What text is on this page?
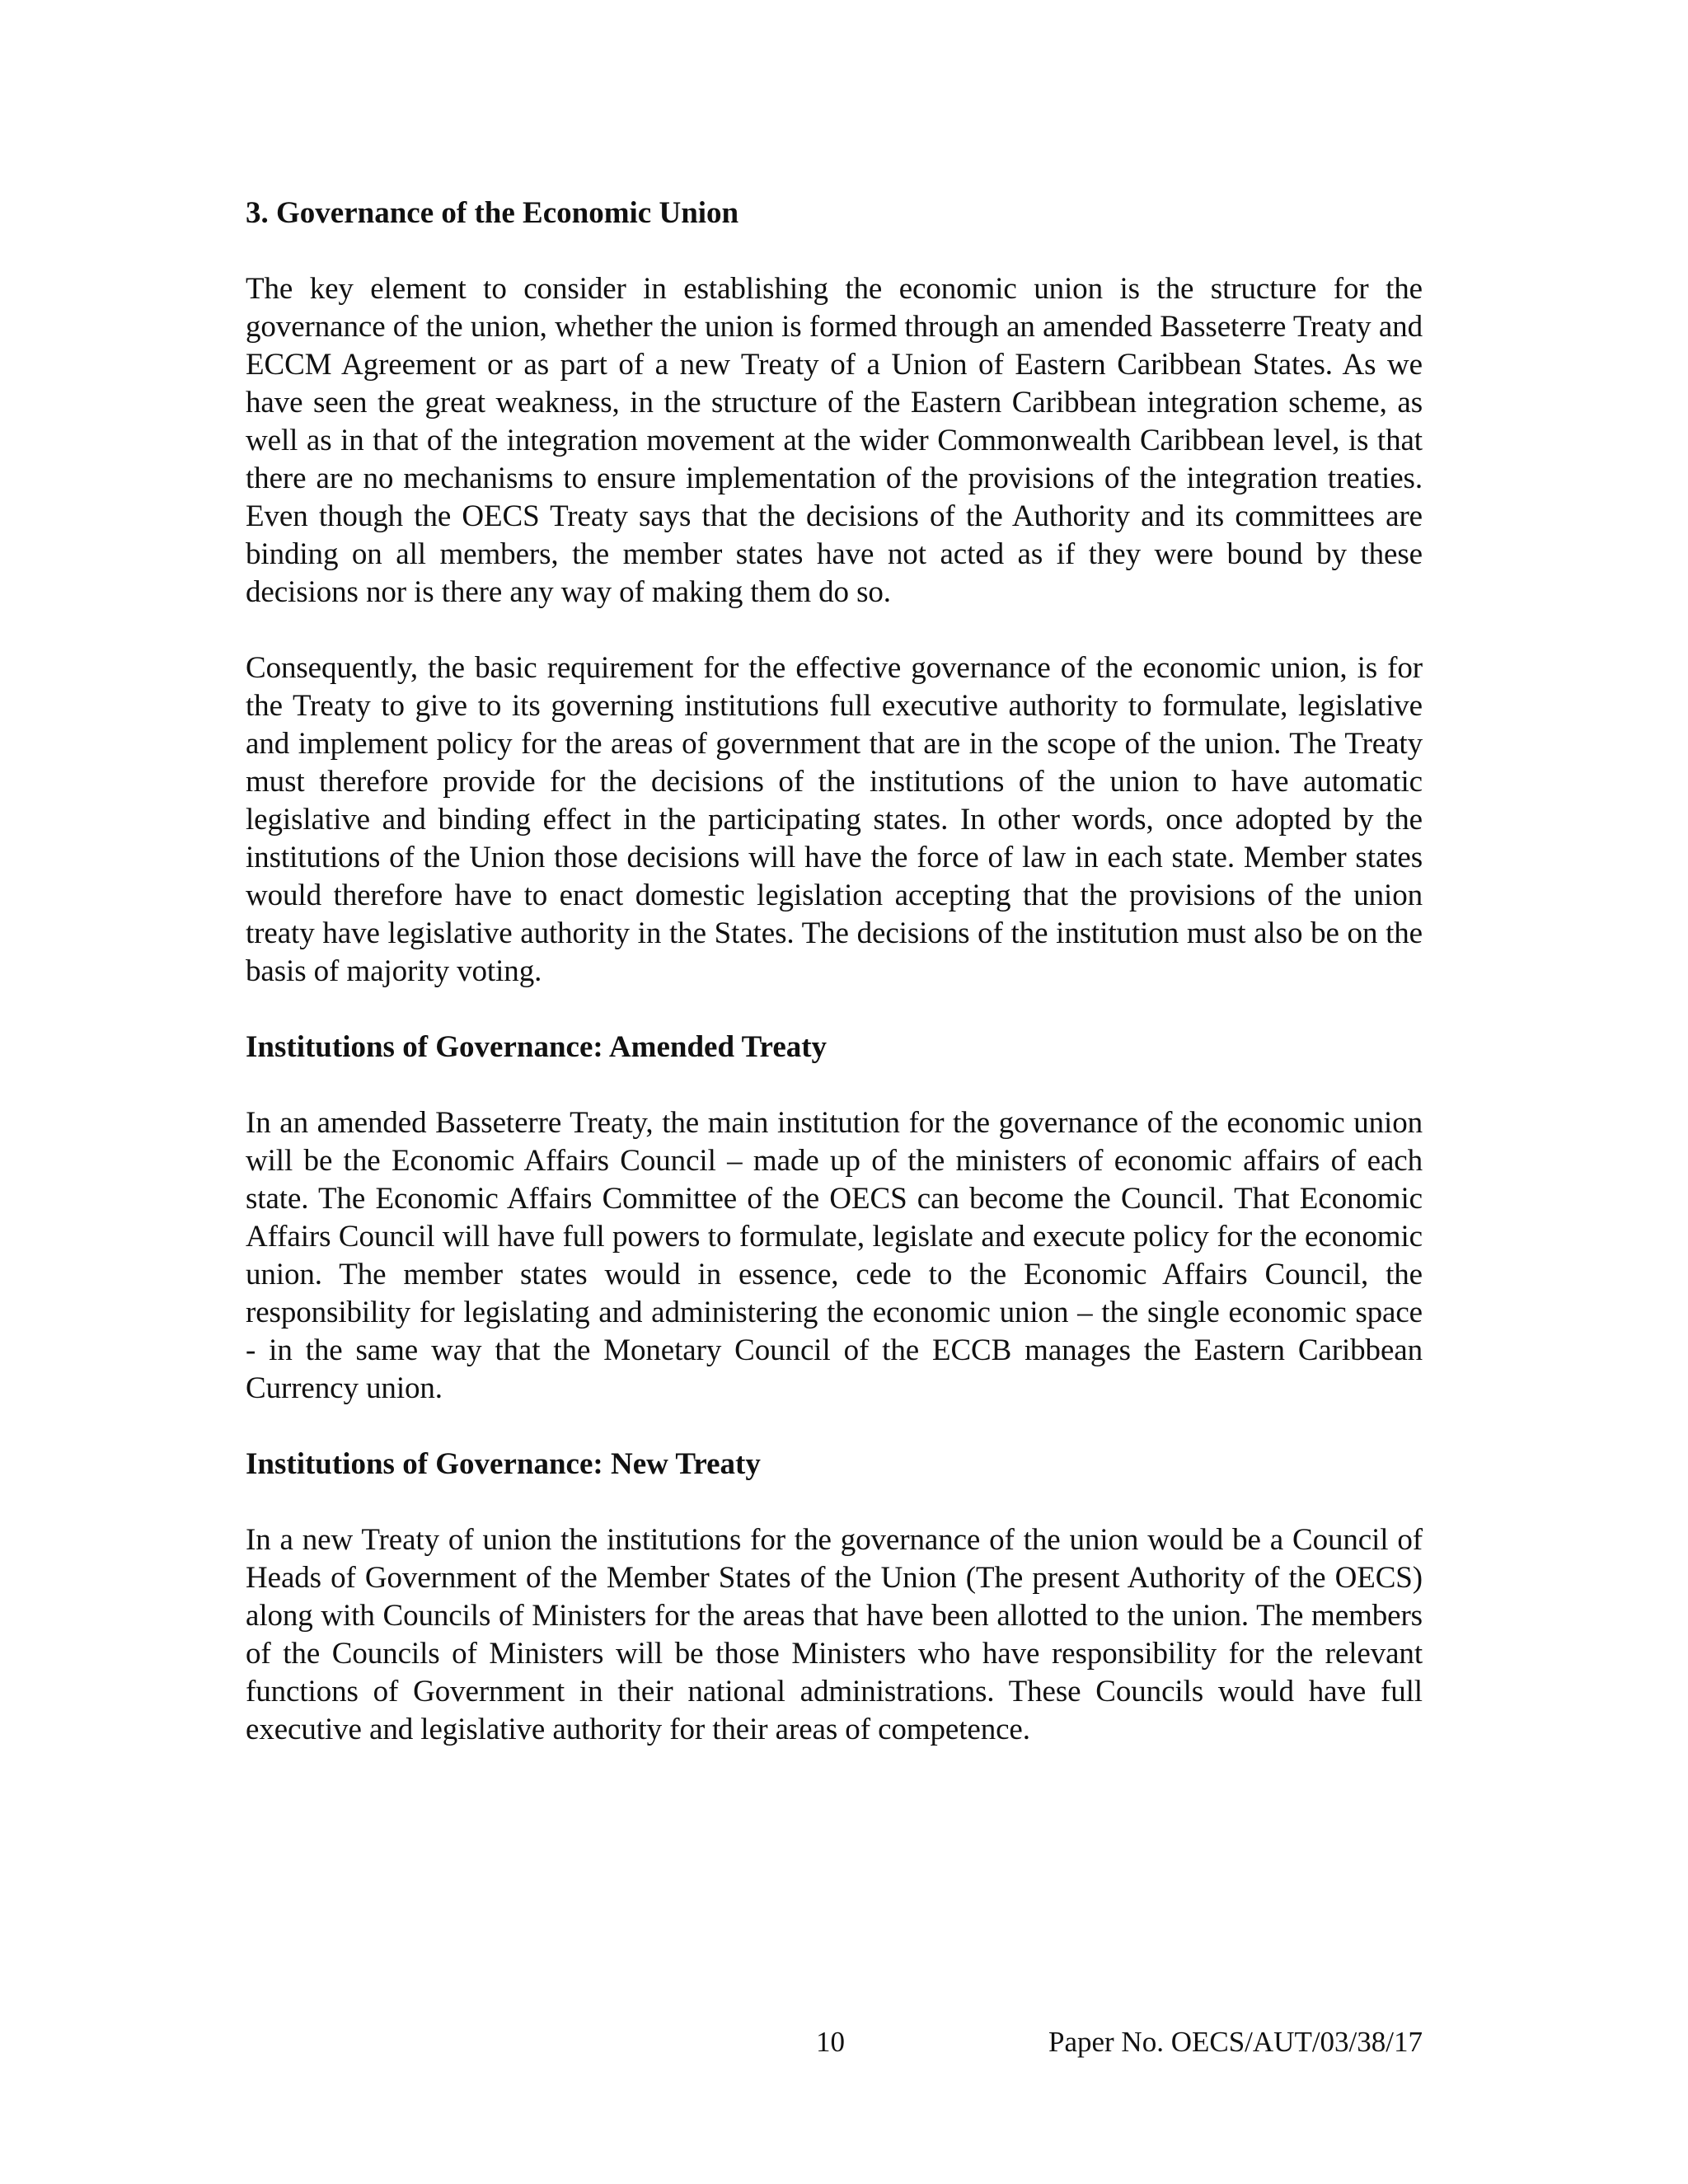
3. Governance of the Economic Union

The key element to consider in establishing the economic union is the structure for the governance of the union, whether the union is formed through an amended Basseterre Treaty and ECCM Agreement or as part of a new Treaty of a Union of Eastern Caribbean States. As we have seen the great weakness, in the structure of the Eastern Caribbean integration scheme, as well as in that of the integration movement at the wider Commonwealth Caribbean level, is that there are no mechanisms to ensure implementation of the provisions of the integration treaties. Even though the OECS Treaty says that the decisions of the Authority and its committees are binding on all members, the member states have not acted as if they were bound by these decisions nor is there any way of making them do so.

Consequently, the basic requirement for the effective governance of the economic union, is for the Treaty to give to its governing institutions full executive authority to formulate, legislative and implement policy for the areas of government that are in the scope of the union. The Treaty must therefore provide for the decisions of the institutions of the union to have automatic legislative and binding effect in the participating states. In other words, once adopted by the institutions of the Union those decisions will have the force of law in each state. Member states would therefore have to enact domestic legislation accepting that the provisions of the union treaty have legislative authority in the States. The decisions of the institution must also be on the basis of majority voting.

Institutions of Governance: Amended Treaty

In an amended Basseterre Treaty, the main institution for the governance of the economic union will be the Economic Affairs Council – made up of the ministers of economic affairs of each state. The Economic Affairs Committee of the OECS can become the Council. That Economic Affairs Council will have full powers to formulate, legislate and execute policy for the economic union. The member states would in essence, cede to the Economic Affairs Council, the responsibility for legislating and administering the economic union – the single economic space - in the same way that the Monetary Council of the ECCB manages the Eastern Caribbean Currency union.

Institutions of Governance: New Treaty

In a new Treaty of union the institutions for the governance of the union would be a Council of Heads of Government of the Member States of the Union (The present Authority of the OECS) along with Councils of Ministers for the areas that have been allotted to the union. The members of the Councils of Ministers will be those Ministers who have responsibility for the relevant functions of Government in their national administrations. These Councils would have full executive and legislative authority for their areas of competence.

10	Paper No. OECS/AUT/03/38/17
